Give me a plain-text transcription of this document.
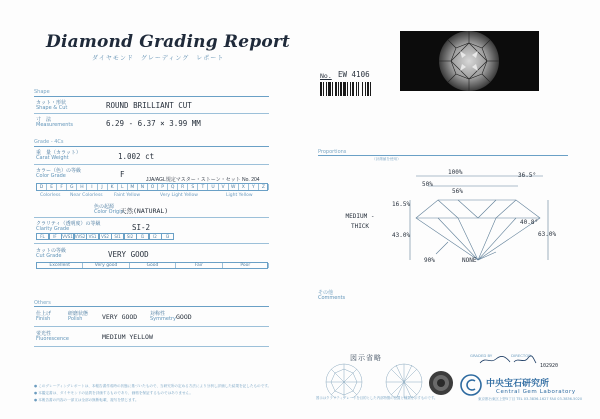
Diamond Grading Report
ダイヤモンド　グレーディング　レポート
Shape
カット・形状
Shape & Cut	ROUND BRILLIANT CUT
寸　法
Measurements	6.29 - 6.37 × 3.99 MM
Grade - 4Cs
重　量（カラット）
Carat Weight	1.002 ct
カラー（色）の等級
Color Grade	F
JJA/AGL規定マスター・ストーン・セット No. 204
D	E	F	G	H	I	J	K	L	M	N	O	P	Q	R	S	T	U	V	W	X	Y	Z
Colorless Near Colorless	Faint Yellow	Very Light Yellow	Light Yellow
色の起源
Color Origin
天然(NATURAL)
クラリティ（透明度）の等級
Clarity Grade	SI-2
FL	IF	VVS1 VVS2 VS1	VS2	SI1	SI2	I1	I2	I3
カットの等級
Cut Grade	VERY GOOD
Excellent	Very good	Good	Fair	Poor
Others
仕上げ
Finish
研磨状態
Polish	VERY GOOD	対称性
Symmetry GOOD
蛍光性
Fluorescence	MEDIUM YELLOW
● このグレーディングレポートは、本報告書作成時の状態に基づいたもので、当研究所の定める方法により分析し評価した結果を記したものです。
● 本鑑定書は、ダイヤモンドの品質を評価するものであり、価格を保証するものではありません。
● 本報告書の内容の一部又は全部の無断転載、複写を禁じます。
No. EW 4106
Proportions
（計測値を使用）
100%
50%
56%
36.5°
16.5%
MEDIUM - THICK
40.8°
43.0%	63.0%
90%	NONE
その他
Comments
図示省略
図示はクラリティグレードを目的とした内部特徴の位置と種類を示すものです。
GRADED BY　　　　　DIRECTOR
102920
中央宝石研究所
Central Gem Laboratory
東京都台東区上野5丁目 TEL 03-3836-1627 FAX 03-3836-5020
